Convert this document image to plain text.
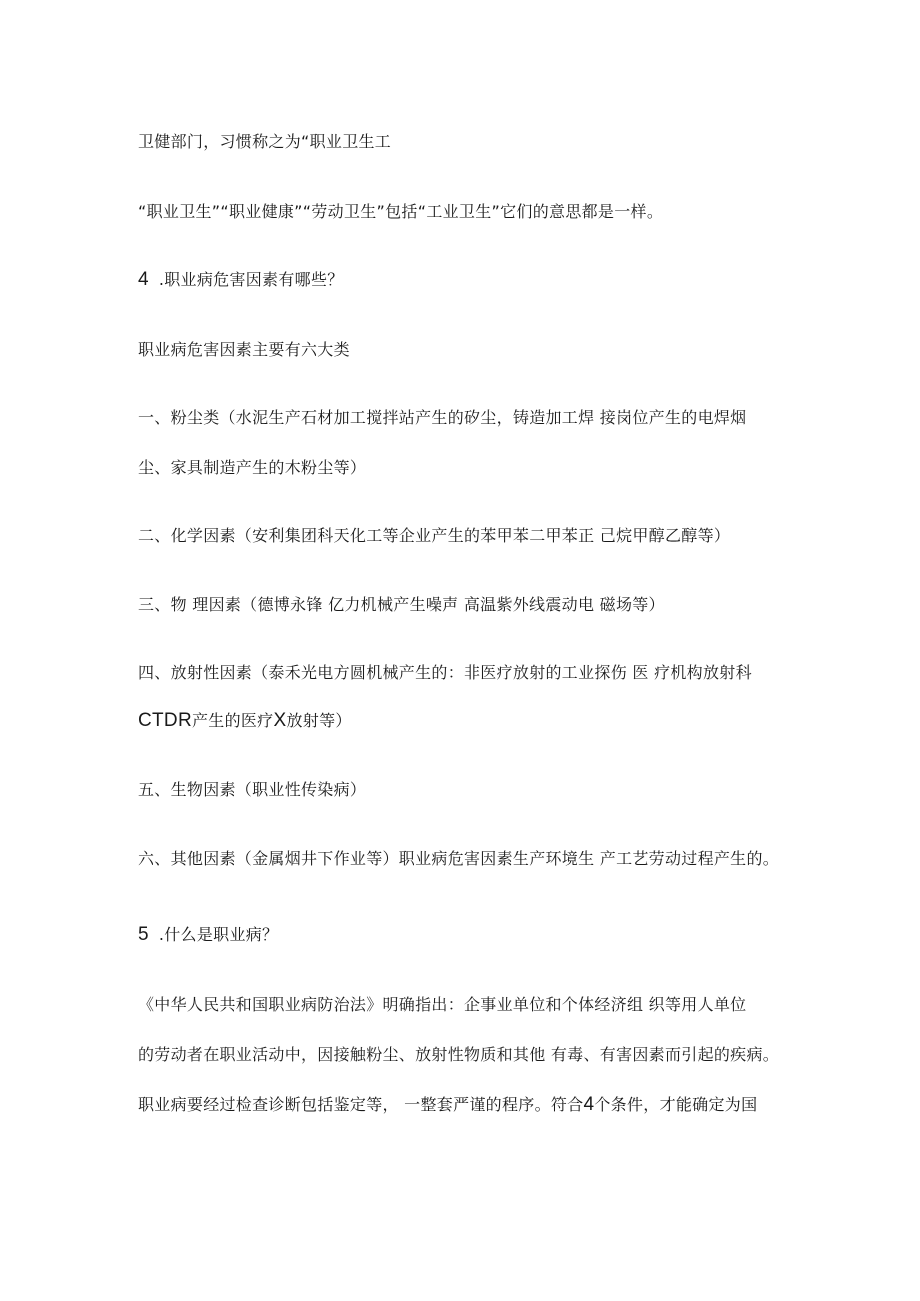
卫健部门，习惯称之为“职业卫生工

“职业卫生”“职业健康”“劳动卫生”包括“工业卫生”它们的意思都是一样。

4 .职业病危害因素有哪些？

职业病危害因素主要有六大类

一、粉尘类（水泥生产石材加工搅拌站产生的矽尘，铸造加工焊 接岗位产生的电焊烟

尘、家具制造产生的木粉尘等）

二、化学因素（安利集团科天化工等企业产生的苯甲苯二甲苯正 己烷甲醇乙醇等）

三、物 理因素（德博永锋 亿力机械产生噪声 高温紫外线震动电 磁场等）

四、放射性因素（泰禾光电方圆机械产生的：非医疗放射的工业探伤 医 疗机构放射科

CTDR产生的医疗X放射等）

五、生物因素（职业性传染病）

六、其他因素（金属烟井下作业等）职业病危害因素生产环境生 产工艺劳动过程产生的。

5 .什么是职业病？

《中华人民共和国职业病防治法》明确指出：企事业单位和个体经济组 织等用人单位

的劳动者在职业活动中，因接触粉尘、放射性物质和其他 有毒、有害因素而引起的疾病。

职业病要经过检查诊断包括鉴定等， 一整套严谨的程序。符合4个条件，才能确定为国
